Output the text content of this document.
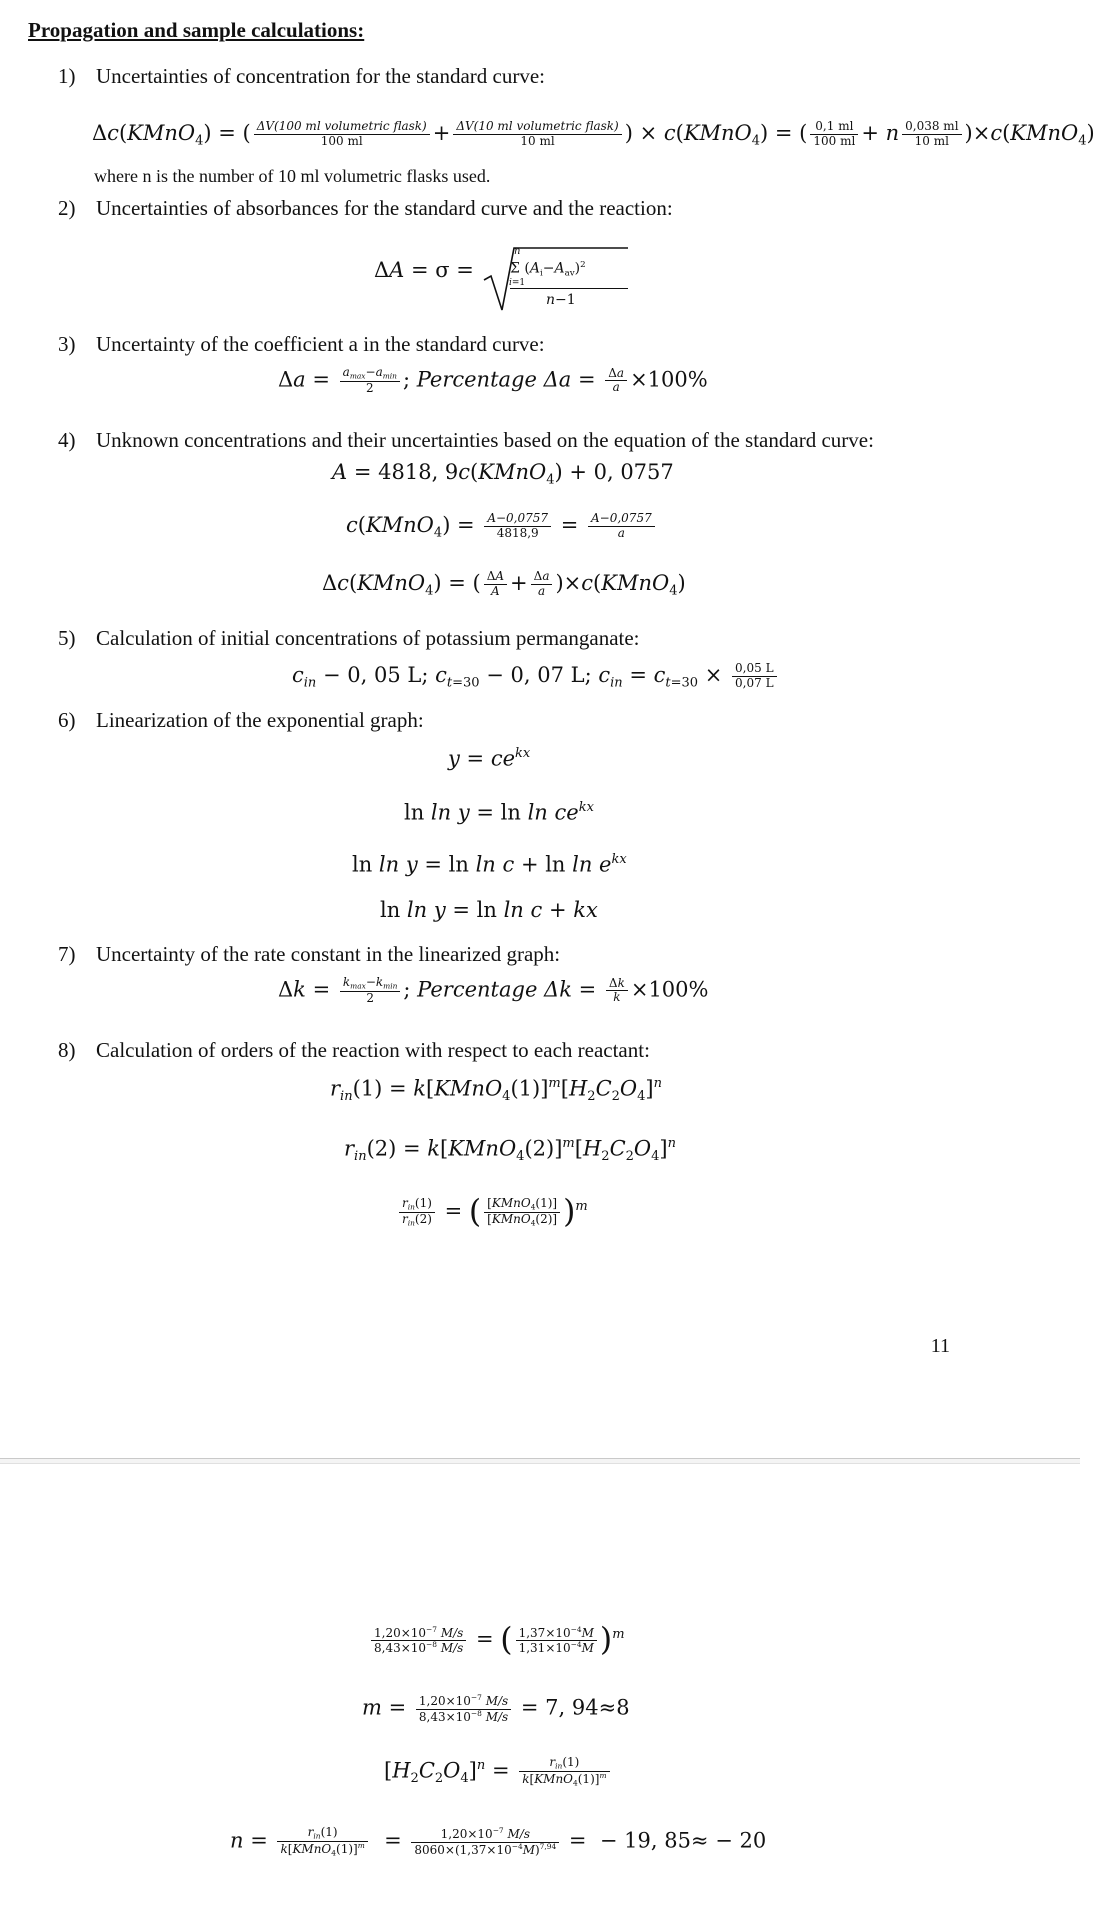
Propagation and sample calculations:
1) Uncertainties of concentration for the standard curve:
Δc(KMnO$_4$) = ( $\frac{\text{ΔV(100 ml volumetric flask)}}{100 ml} + \frac{\text{ΔV(10 ml volumetric flask)}}{10 ml}$ ) × c(KMnO$_4$) = ( $\frac{0,1 ml}{100 ml} + n \frac{0,038 ml}{10 ml}$ )×c(KMnO$_4$)
where n is the number of 10 ml volumetric flasks used.
2) Uncertainties of absorbances for the standard curve and the reaction:
ΔA = σ =
n
Σ $(A_i-A_{av})^2$
i=1
n−1
3) Uncertainty of the coefficient a in the standard curve:
$\Delta a = \frac{a_{max}-a_{min}}{2}$ ; Percentage $\Delta a = \frac{\Delta a}{a} \times 100\%$
4) Unknown concentrations and their uncertainties based on the equation of the standard curve:
A = 4818, 9c(KMnO$_4$) + 0, 0757
c(KMnO$_4$) = $\frac{A-0,0757}{4818,9} = \frac{A-0,0757}{a}$
Δc(KMnO$_4$) = ( $\frac{\Delta A}{A} + \frac{\Delta a}{a}$ )×c(KMnO$_4$)
5) Calculation of initial concentrations of potassium permanganate:
$c_{in} - 0$, 05 L; $c_{t=30} - 0$, 07 L; $c_{in} = c_{t=30} \times \frac{0,05 L}{0,07 L}$
6) Linearization of the exponential graph:
$y = ce^{kx}$
$\ln \ln y = \ln \ln ce^{kx}$
$\ln \ln y = \ln \ln c + \ln \ln e^{kx}$
ln ln y = ln ln c + kx
7) Uncertainty of the rate constant in the linearized graph:
$\Delta k = \frac{k_{max}-k_{min}}{2}$ ; Percentage $\Delta k = \frac{\Delta k}{k} \times 100\%$
8) Calculation of orders of the reaction with respect to each reactant:
$r_{in}(1)$ = $k[KMnO_4(1)]^m[H_2C_2O_4]^n$
$r_{in}(2)$ = $k[KMnO_4(2)]^m[H_2C_2O_4]^n$
$\frac{r_{in}(1)}{r_{in}(2)}$ = ( $\frac{[KMnO_4(1)]}{[KMnO_4(2)]} )^m$
11
$\frac{1,20\times 10^{-7} M/s}{8,43\times 10^{-8} M/s}$ = ( $\frac{1,37\times 10^{-4}M}{1,31\times 10^{-4}M} )^m$
$m = \frac{1,20\times 10^{-7} M/s}{8,43\times 10^{-8} M/s} = 7$, 94≈8
$[H_2C_2O_4]^n = \frac{r_{in}(1)}{k[KMnO_4(1)]^m}$
$n = \frac{r_{in}(1)}{k[KMnO_4(1)]^m} = \frac{1,20\times 10^{-7} M/s}{8060\times(1,37\times 10^{-4}M)^{7,94}}$ =  − 19, 85≈ − 20
